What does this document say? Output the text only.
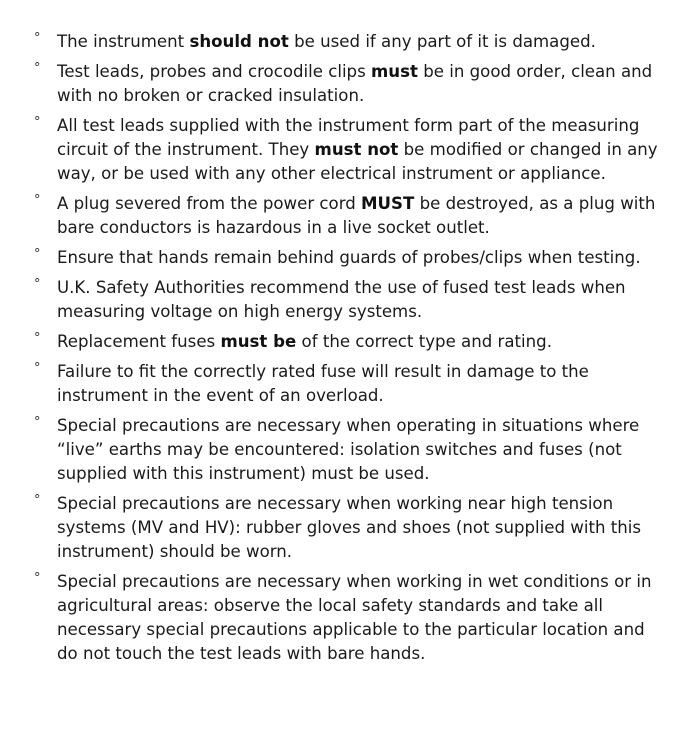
° The instrument should not be used if any part of it is damaged.
° Test leads, probes and crocodile clips must be in good order, clean and with no broken or cracked insulation.
° All test leads supplied with the instrument form part of the measuring circuit of the instrument. They must not be modified or changed in any way, or be used with any other electrical instrument or appliance.
° A plug severed from the power cord MUST be destroyed, as a plug with bare conductors is hazardous in a live socket outlet.
° Ensure that hands remain behind guards of probes/clips when testing.
° U.K. Safety Authorities recommend the use of fused test leads when measuring voltage on high energy systems.
° Replacement fuses must be of the correct type and rating.
° Failure to fit the correctly rated fuse will result in damage to the instrument in the event of an overload.
° Special precautions are necessary when operating in situations where “live” earths may be encountered: isolation switches and fuses (not supplied with this instrument) must be used.
° Special precautions are necessary when working near high tension systems (MV and HV): rubber gloves and shoes (not supplied with this instrument) should be worn.
° Special precautions are necessary when working in wet conditions or in agricultural areas: observe the local safety standards and take all necessary special precautions applicable to the particular location and do not touch the test leads with bare hands.
